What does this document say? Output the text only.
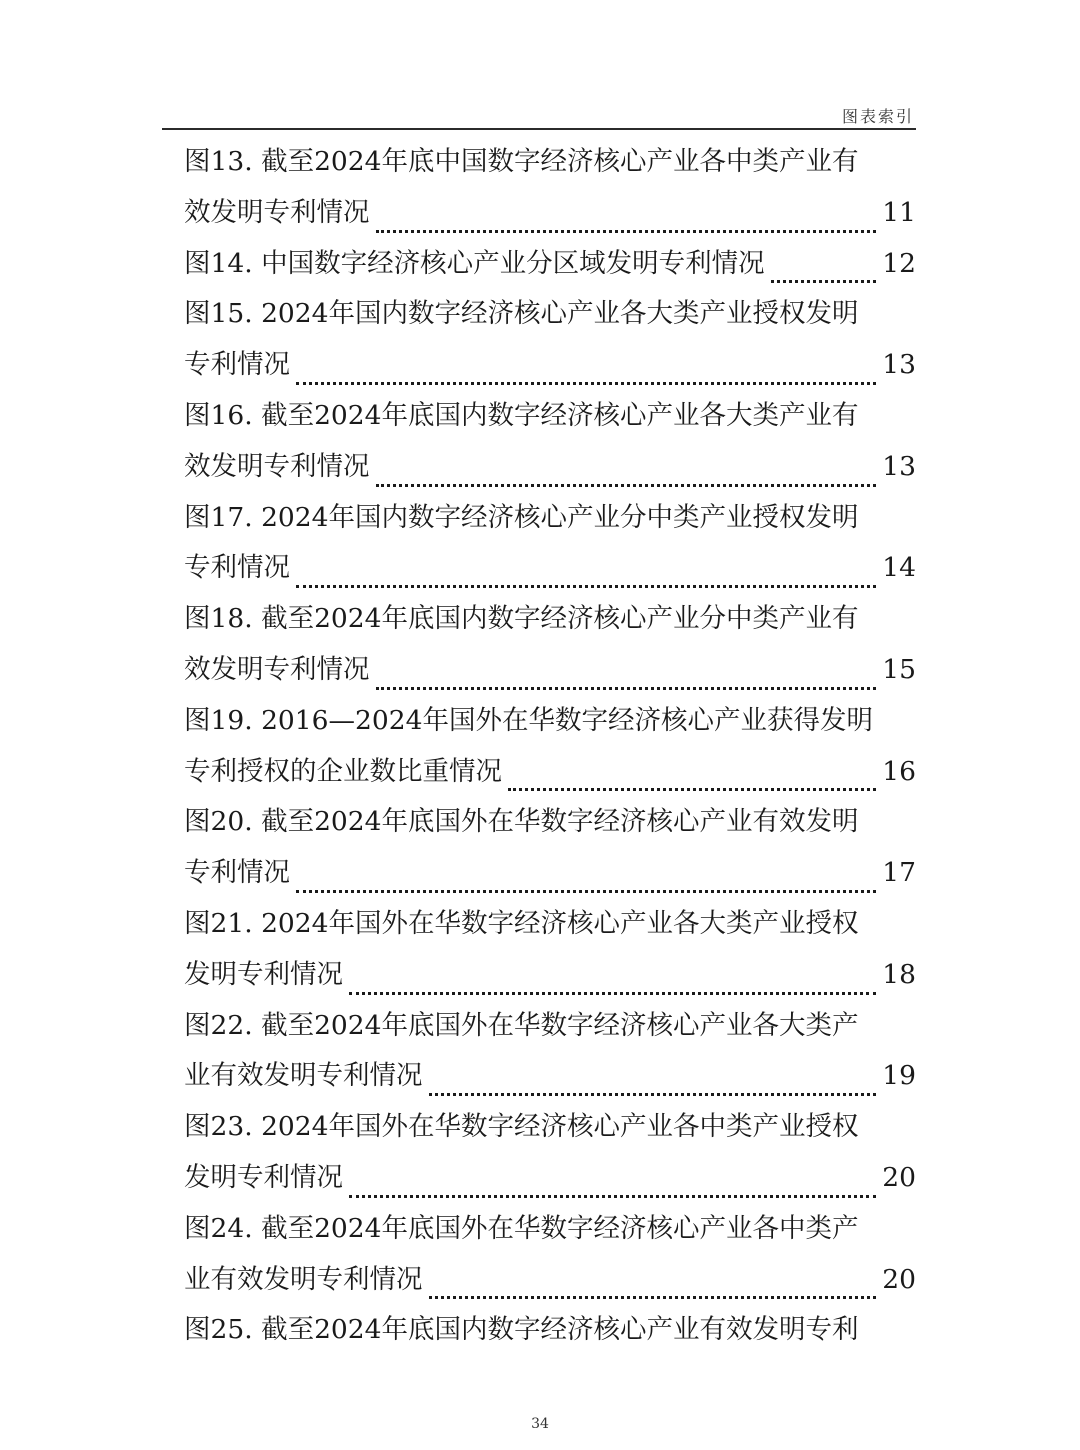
图表索引
图13. 截至2024年底中国数字经济核心产业各中类产业有
效发明专利情况	11
图14. 中国数字经济核心产业分区域发明专利情况	12
图15. 2024年国内数字经济核心产业各大类产业授权发明
专利情况	13
图16. 截至2024年底国内数字经济核心产业各大类产业有
效发明专利情况	13
图17. 2024年国内数字经济核心产业分中类产业授权发明
专利情况	14
图18. 截至2024年底国内数字经济核心产业分中类产业有
效发明专利情况	15
图19. 2016—2024年国外在华数字经济核心产业获得发明
专利授权的企业数比重情况	16
图20. 截至2024年底国外在华数字经济核心产业有效发明
专利情况	17
图21. 2024年国外在华数字经济核心产业各大类产业授权
发明专利情况	18
图22. 截至2024年底国外在华数字经济核心产业各大类产
业有效发明专利情况	19
图23. 2024年国外在华数字经济核心产业各中类产业授权
发明专利情况	20
图24. 截至2024年底国外在华数字经济核心产业各中类产
业有效发明专利情况	20
图25. 截至2024年底国内数字经济核心产业有效发明专利
34
